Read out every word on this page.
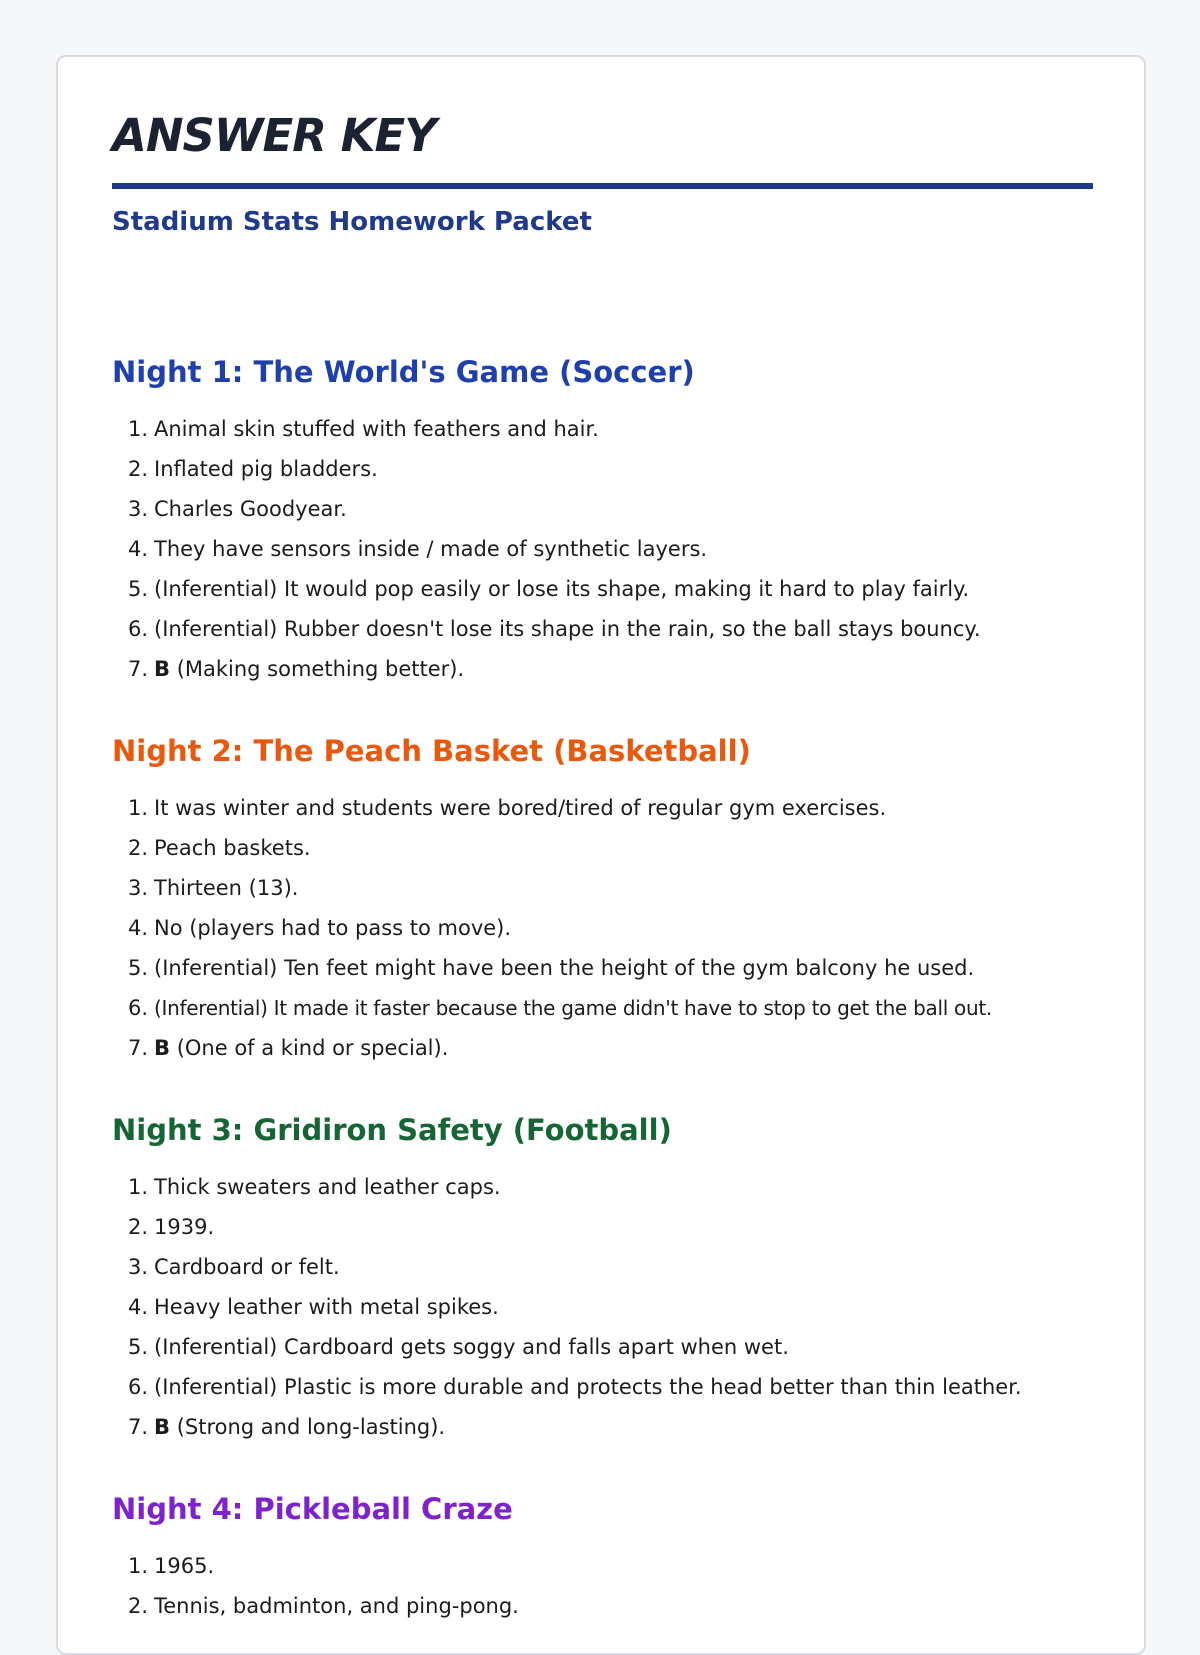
ANSWER KEY
Stadium Stats Homework Packet
Night 1: The World's Game (Soccer)
1. Animal skin stuffed with feathers and hair.
2. Inflated pig bladders.
3. Charles Goodyear.
4. They have sensors inside / made of synthetic layers.
5. (Inferential) It would pop easily or lose its shape, making it hard to play fairly.
6. (Inferential) Rubber doesn't lose its shape in the rain, so the ball stays bouncy.
7. B (Making something better).
Night 2: The Peach Basket (Basketball)
1. It was winter and students were bored/tired of regular gym exercises.
2. Peach baskets.
3. Thirteen (13).
4. No (players had to pass to move).
5. (Inferential) Ten feet might have been the height of the gym balcony he used.
6. (Inferential) It made it faster because the game didn't have to stop to get the ball out.
7. B (One of a kind or special).
Night 3: Gridiron Safety (Football)
1. Thick sweaters and leather caps.
2. 1939.
3. Cardboard or felt.
4. Heavy leather with metal spikes.
5. (Inferential) Cardboard gets soggy and falls apart when wet.
6. (Inferential) Plastic is more durable and protects the head better than thin leather.
7. B (Strong and long-lasting).
Night 4: Pickleball Craze
1. 1965.
2. Tennis, badminton, and ping-pong.
